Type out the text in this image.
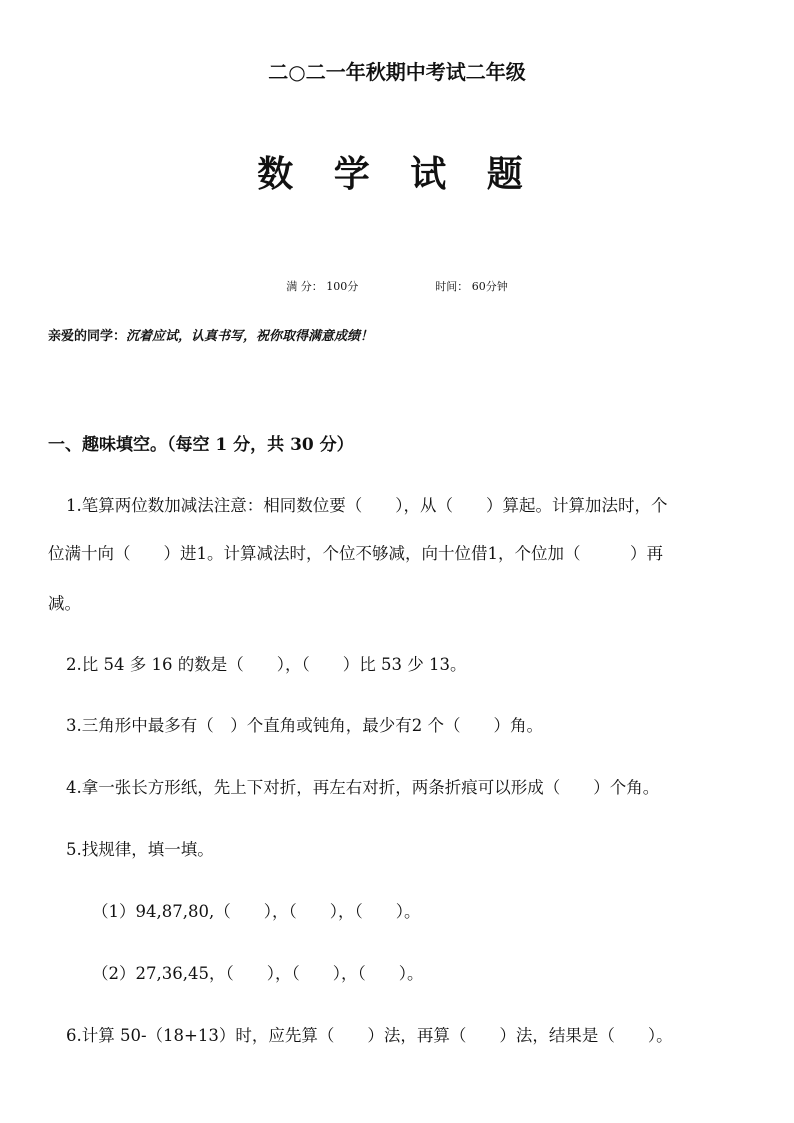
二○二一年秋期中考试二年级
数 学 试 题
满 分： 100分	时间： 60分钟
亲爱的同学：沉着应试，认真书写，祝你取得满意成绩！
一、趣味填空。（每空 1 分，共 30 分）
1.笔算两位数加减法注意：相同数位要（　　），从（　　）算起。计算加法时，个
位满十向（　　）进1。计算减法时，个位不够减，向十位借1，个位加（　　　）再
减。
2.比 54 多 16 的数是（　　），（　　）比 53 少 13。
3.三角形中最多有（　）个直角或钝角，最少有2 个（　　）角。
4.拿一张长方形纸，先上下对折，再左右对折，两条折痕可以形成（　　）个角。
5.找规律，填一填。
（1）94,87,80,（　　），（　　），（　　）。
（2）27,36,45，（　　），（　　），（　　）。
6.计算 50-（18+13）时，应先算（　　）法，再算（　　）法，结果是（　　）。
